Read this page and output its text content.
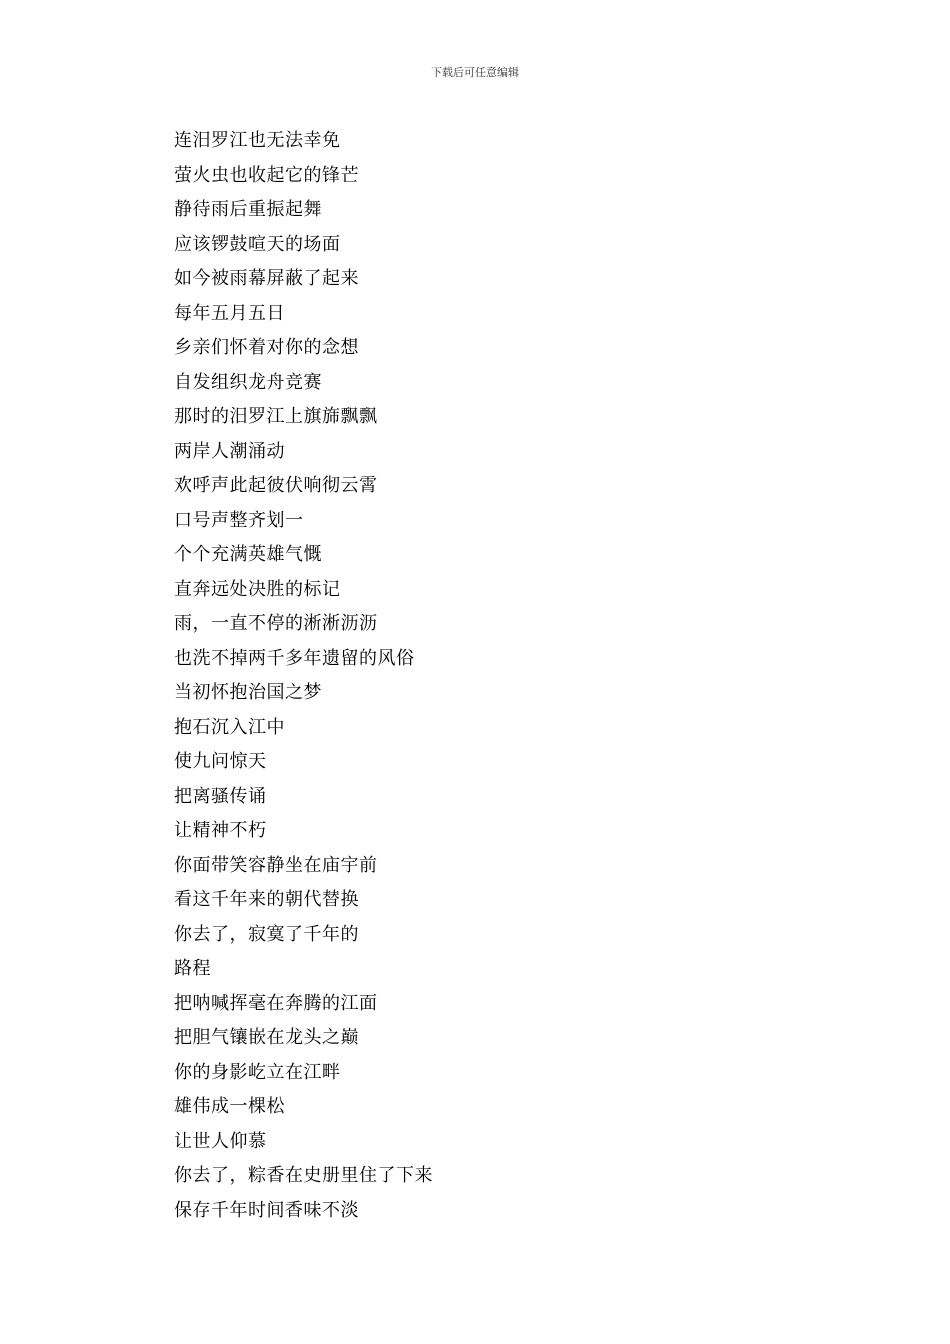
下载后可任意编辑
连汨罗江也无法幸免
萤火虫也收起它的锋芒
静待雨后重振起舞
应该锣鼓喧天的场面
如今被雨幕屏蔽了起来
每年五月五日
乡亲们怀着对你的念想
自发组织龙舟竞赛
那时的汨罗江上旗旆飘飘
两岸人潮涌动
欢呼声此起彼伏响彻云霄
口号声整齐划一
个个充满英雄气慨
直奔远处决胜的标记
雨，一直不停的淅淅沥沥
也洗不掉两千多年遗留的风俗
当初怀抱治国之梦
抱石沉入江中
使九问惊天
把离骚传诵
让精神不朽
你面带笑容静坐在庙宇前
看这千年来的朝代替换
你去了，寂寞了千年的
路程
把呐喊挥毫在奔腾的江面
把胆气镶嵌在龙头之巅
你的身影屹立在江畔
雄伟成一棵松
让世人仰慕
你去了，粽香在史册里住了下来
保存千年时间香味不淡
